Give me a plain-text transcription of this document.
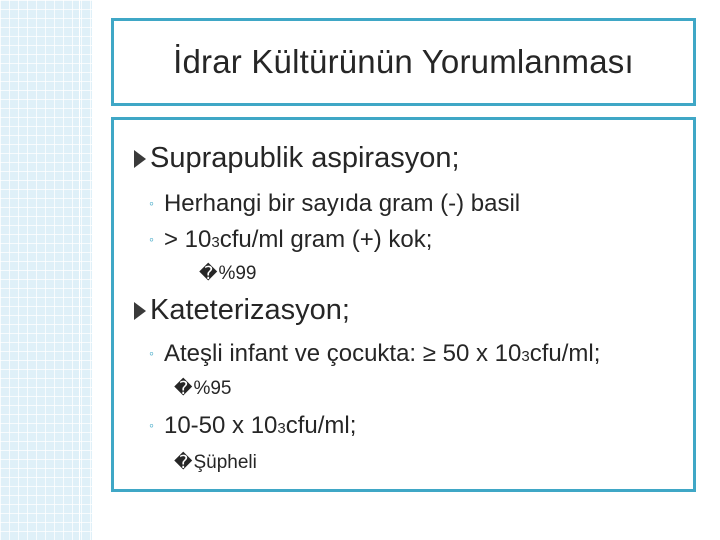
İdrar Kültürünün Yorumlanması
Suprapublik aspirasyon;
◦ Herhangi bir sayıda gram (-) basil
◦ > 10 3 cfu/ml gram (+) kok;
� %99
Kateterizasyon;
◦ Ateşli infant ve çocukta: ≥ 50 x 10 3 cfu/ml;
� %95
◦ 10-50 x 10 3 cfu/ml;
� Şüpheli
